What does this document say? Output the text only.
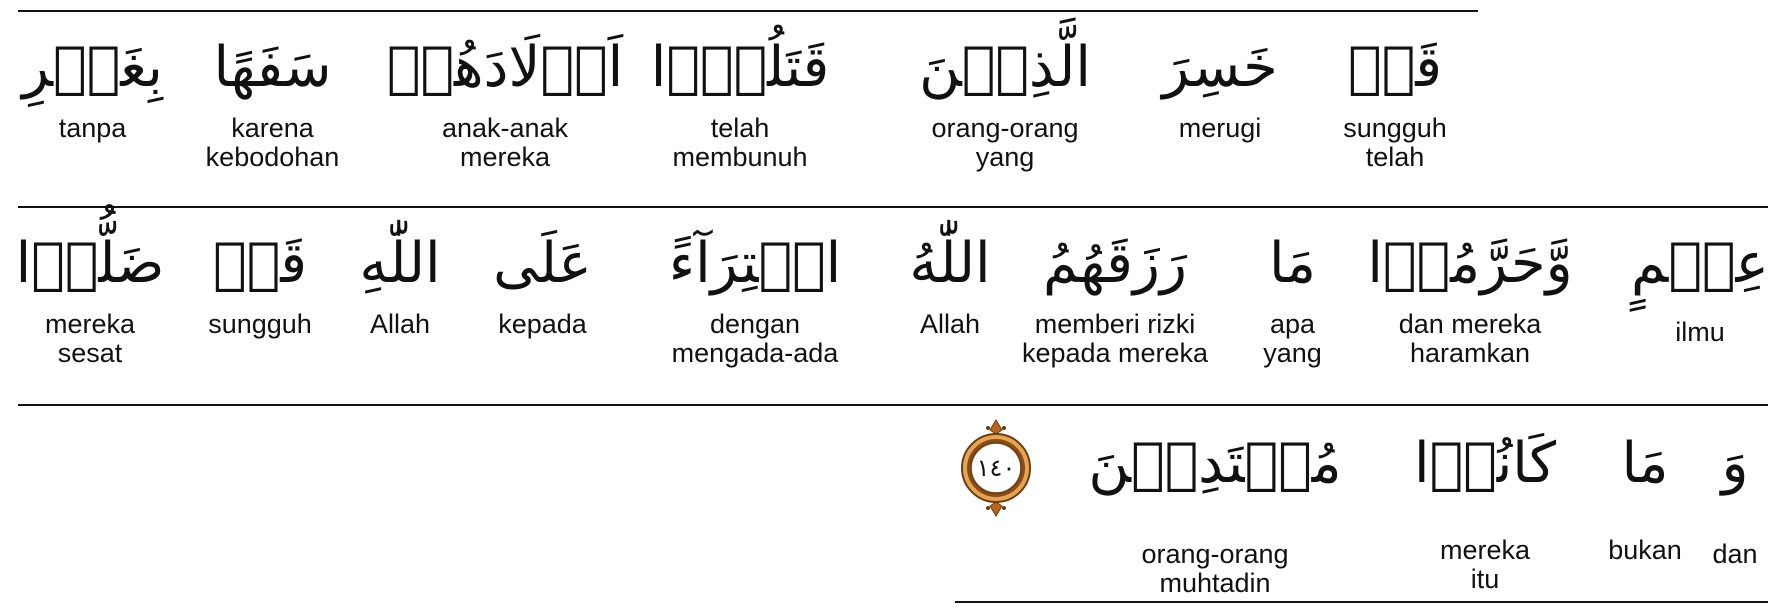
قَدۡ
sungguh
telah
خَسِرَ
merugi
الَّذِيۡنَ
orang-orang
yang
قَتَلُوۡٓا
telah
membunuh
اَوۡلَادَهُمۡ
anak-anak
mereka
سَفَهًا
karena
kebodohan
بِغَيۡرِ
tanpa
عِلۡمٍ
ilmu
وَّحَرَّمُوۡا
dan mereka
haramkan
مَا
apa
yang
رَزَقَهُمُ
memberi rizki
kepada mereka
اللّٰهُ
Allah
افۡتِرَآءً
dengan
mengada-ada
عَلَى
kepada
اللّٰهِ
Allah
قَدۡ
sungguh
ضَلُّوۡا
mereka
sesat
وَ
dan
مَا
bukan
كَانُوۡا
mereka
itu
مُهۡتَدِيۡنَ
orang-orang
muhtadin
١٤٠
